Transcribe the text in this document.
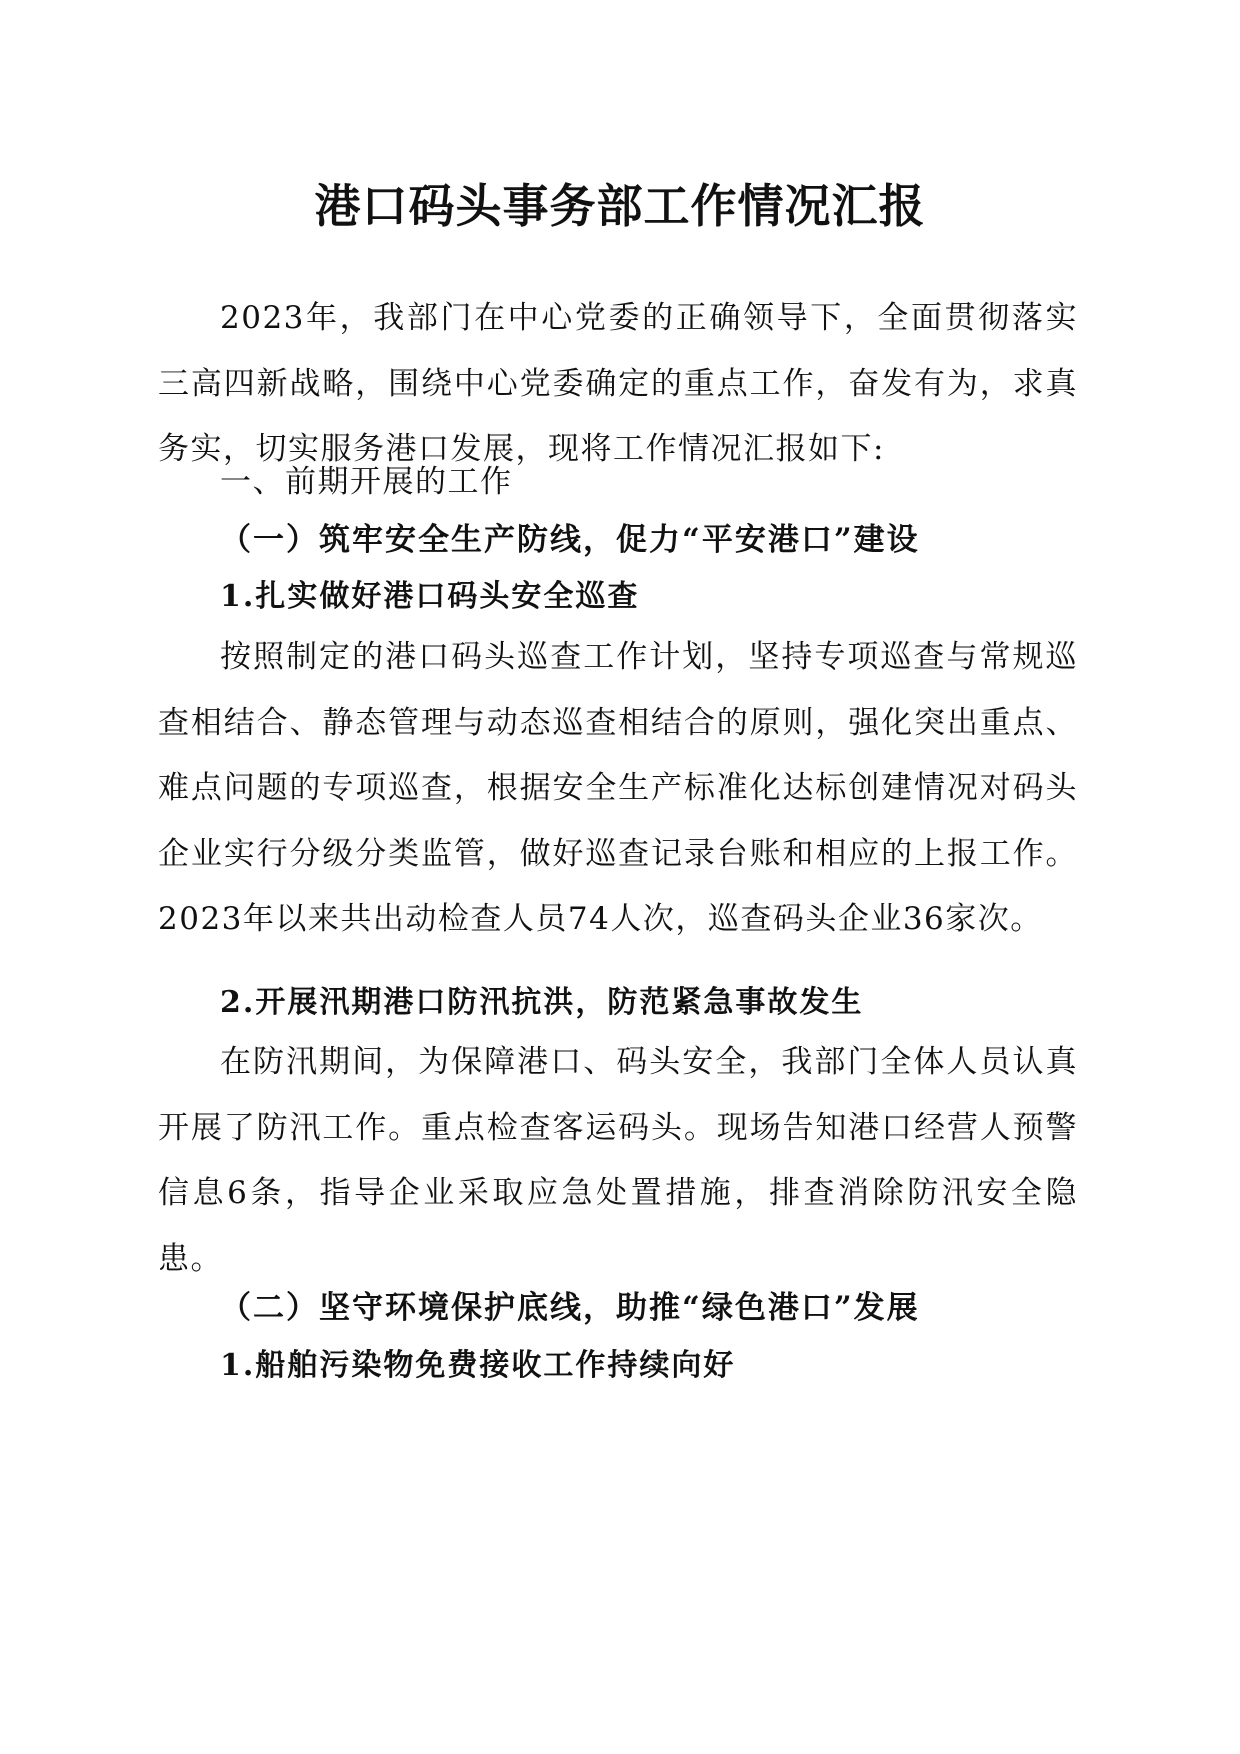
港口码头事务部工作情况汇报
2023年，我部门在中心党委的正确领导下，全面贯彻落实三高四新战略，围绕中心党委确定的重点工作，奋发有为，求真务实，切实服务港口发展，现将工作情况汇报如下:
一、前期开展的工作
（一）筑牢安全生产防线，促力“平安港口”建设
1.扎实做好港口码头安全巡查
按照制定的港口码头巡查工作计划，坚持专项巡查与常规巡查相结合、静态管理与动态巡查相结合的原则，强化突出重点、难点问题的专项巡查，根据安全生产标准化达标创建情况对码头企业实行分级分类监管，做好巡查记录台账和相应的上报工作。2023年以来共出动检查人员74人次，巡查码头企业36家次。
2.开展汛期港口防汛抗洪，防范紧急事故发生
在防汛期间，为保障港口、码头安全，我部门全体人员认真开展了防汛工作。重点检查客运码头。现场告知港口经营人预警信息6条，指导企业采取应急处置措施，排查消除防汛安全隐患。
（二）坚守环境保护底线，助推“绿色港口”发展
1.船舶污染物免费接收工作持续向好
